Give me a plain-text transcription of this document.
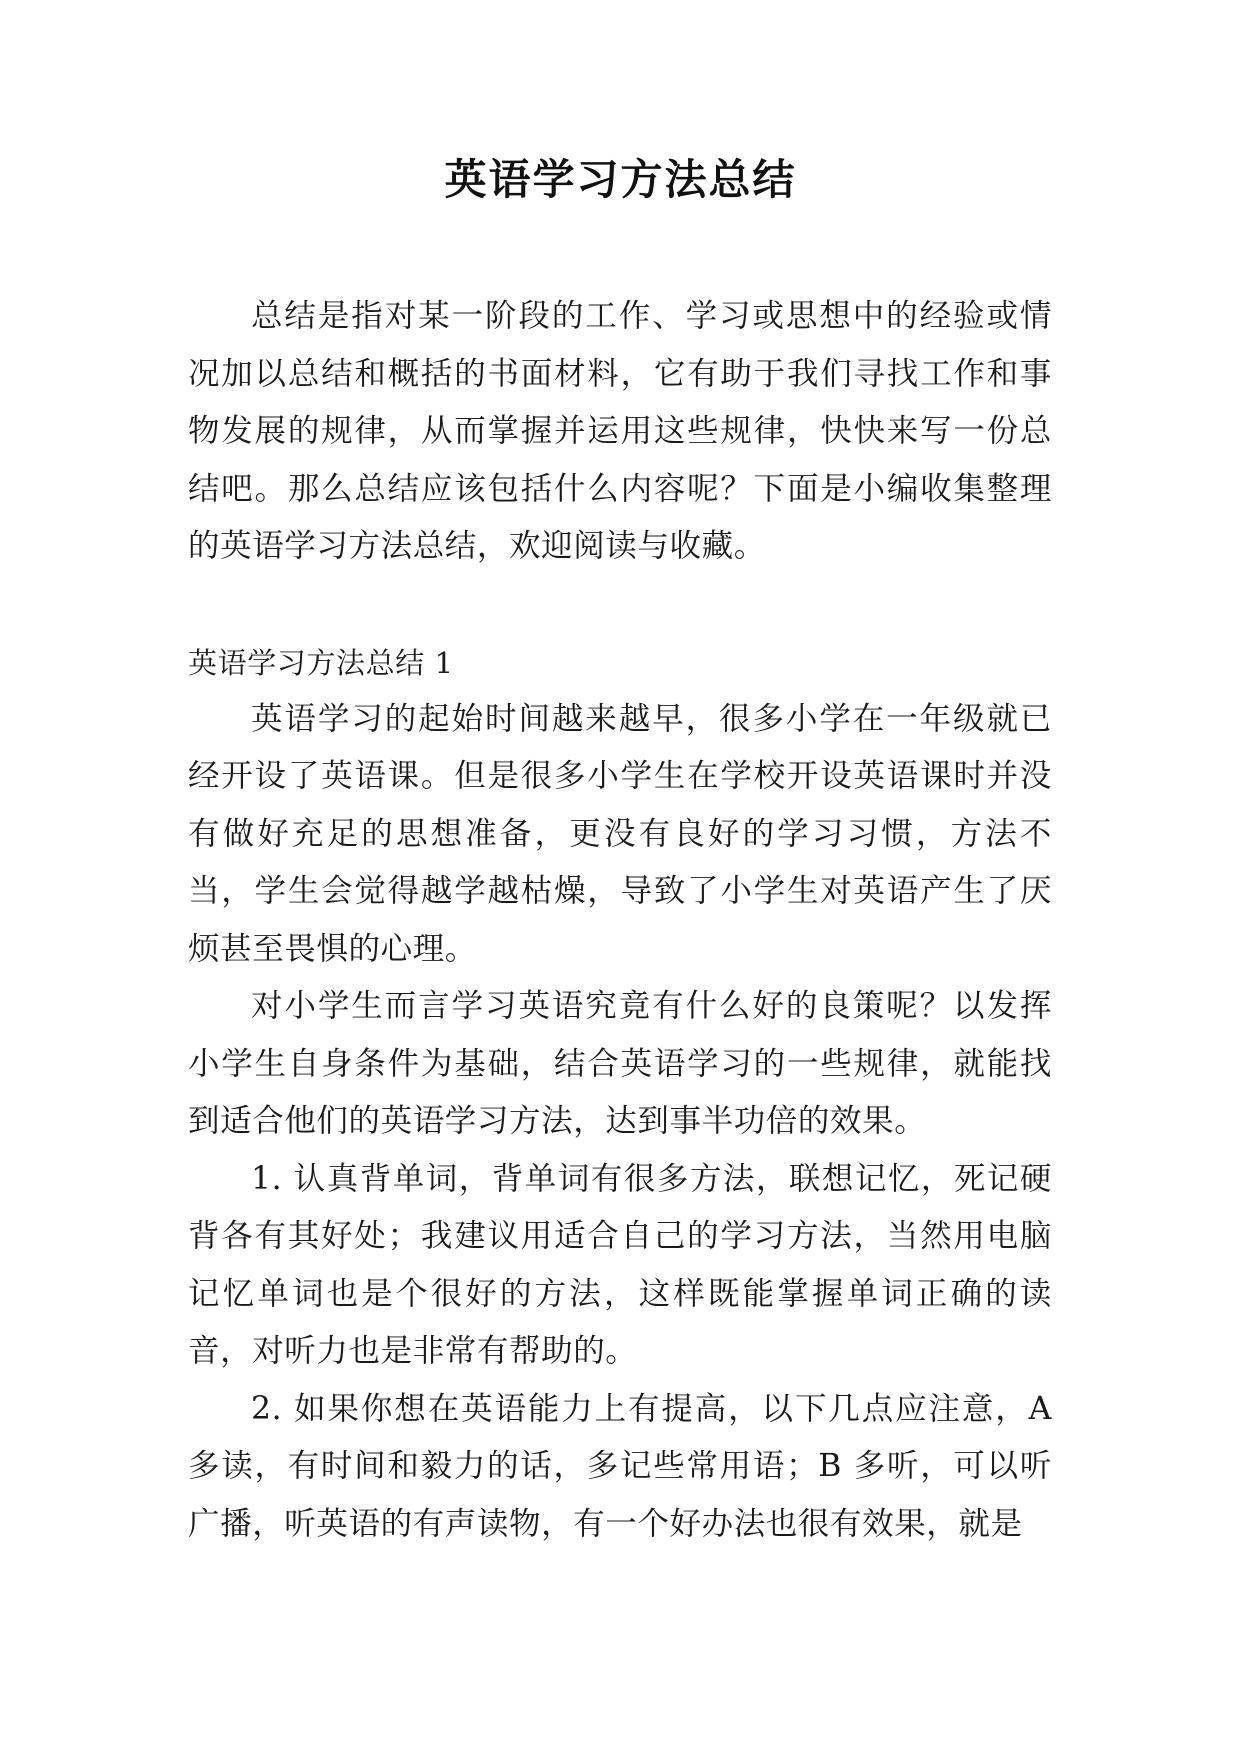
英语学习方法总结

总结是指对某一阶段的工作、学习或思想中的经验或情况加以总结和概括的书面材料，它有助于我们寻找工作和事物发展的规律，从而掌握并运用这些规律，快快来写一份总结吧。那么总结应该包括什么内容呢？下面是小编收集整理的英语学习方法总结，欢迎阅读与收藏。

英语学习方法总结 1

英语学习的起始时间越来越早，很多小学在一年级就已经开设了英语课。但是很多小学生在学校开设英语课时并没有做好充足的思想准备，更没有良好的学习习惯，方法不当，学生会觉得越学越枯燥，导致了小学生对英语产生了厌烦甚至畏惧的心理。

对小学生而言学习英语究竟有什么好的良策呢？以发挥小学生自身条件为基础，结合英语学习的一些规律，就能找到适合他们的英语学习方法，达到事半功倍的效果。

1. 认真背单词，背单词有很多方法，联想记忆，死记硬背各有其好处；我建议用适合自己的学习方法，当然用电脑记忆单词也是个很好的方法，这样既能掌握单词正确的读音，对听力也是非常有帮助的。

2. 如果你想在英语能力上有提高，以下几点应注意，A 多读，有时间和毅力的话，多记些常用语；B 多听，可以听广播，听英语的有声读物，有一个好办法也很有效果，就是
